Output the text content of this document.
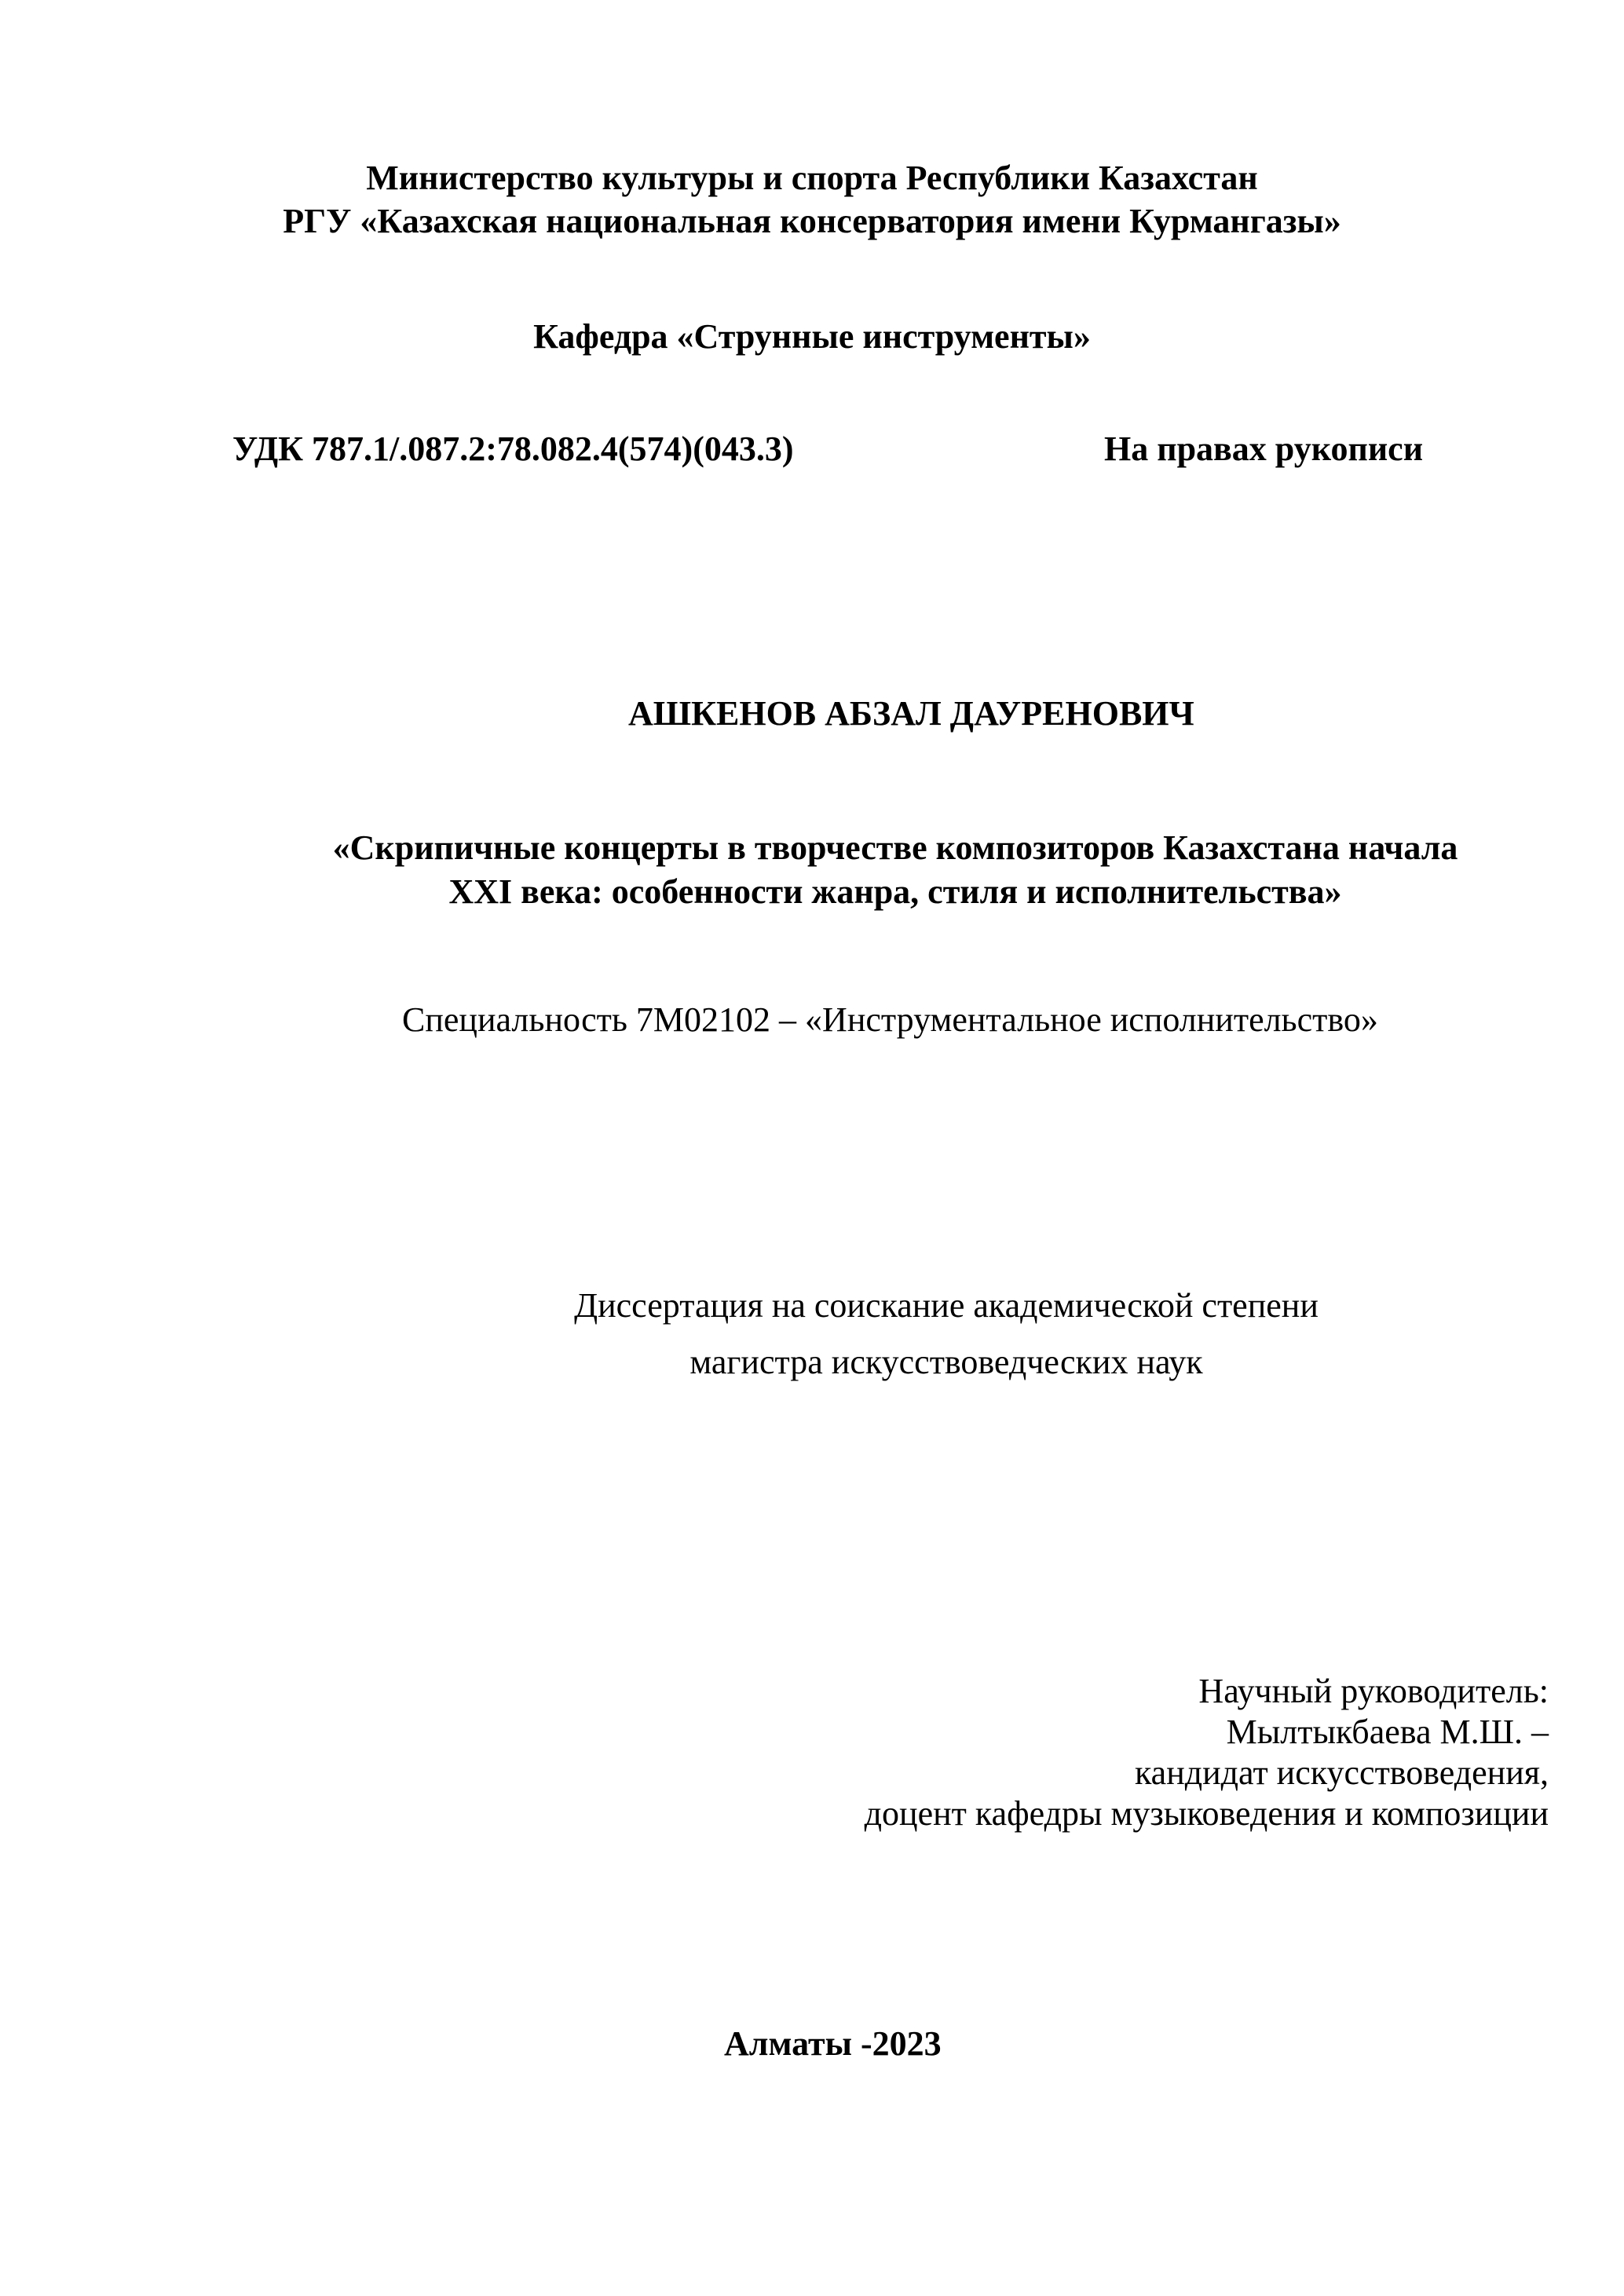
Министерство культуры и спорта Республики Казахстан
РГУ «Казахская национальная консерватория имени Курмангазы»
Кафедра «Струнные инструменты»
УДК 787.1/.087.2:78.082.4(574)(043.3)	На правах рукописи
АШКЕНОВ АБЗАЛ ДАУРЕНОВИЧ
«Скрипичные концерты в творчестве композиторов Казахстана начала
XXI века: особенности жанра, стиля и исполнительства»
Специальность 7М02102 – «Инструментальное исполнительство»
Диссертация на соискание академической степени
магистра искусствоведческих наук
Научный руководитель:
Мылтыкбаева М.Ш. –
кандидат искусствоведения,
доцент кафедры музыковедения и композиции
Алматы -2023
